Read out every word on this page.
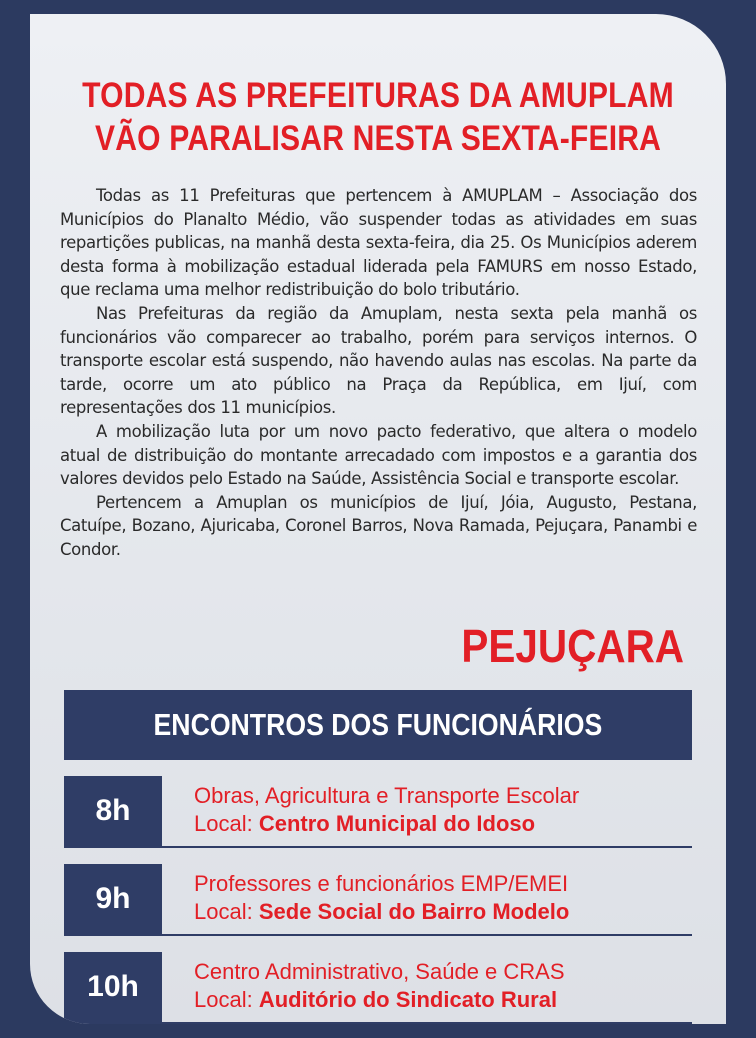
TODAS AS PREFEITURAS DA AMUPLAM
VÃO PARALISAR NESTA SEXTA-FEIRA

Todas as 11 Prefeituras que pertencem à AMUPLAM – Associação dos Municípios do Planalto Médio, vão suspender todas as atividades em suas repartições publicas, na manhã desta sexta-feira, dia 25. Os Municípios aderem desta forma à mobilização estadual liderada pela FAMURS em nosso Estado, que reclama uma melhor redistribuição do bolo tributário.

Nas Prefeituras da região da Amuplam, nesta sexta pela manhã os funcionários vão comparecer ao trabalho, porém para serviços internos. O transporte escolar está suspendo, não havendo aulas nas escolas. Na parte da tarde, ocorre um ato público na Praça da República, em Ijuí, com representações dos 11 municípios.

A mobilização luta por um novo pacto federativo, que altera o modelo atual de distribuição do montante arrecadado com impostos e a garantia dos valores devidos pelo Estado na Saúde, Assistência Social e transporte escolar.

Pertencem a Amuplan os municípios de Ijuí, Jóia, Augusto, Pestana, Catuípe, Bozano, Ajuricaba, Coronel Barros, Nova Ramada, Pejuçara, Panambi e Condor.

PEJUÇARA
ENCONTROS DOS FUNCIONÁRIOS
8h	Obras, Agricultura e Transporte Escolar
Local: Centro Municipal do Idoso
9h	Professores e funcionários EMP/EMEI
Local: Sede Social do Bairro Modelo
10h	Centro Administrativo, Saúde e CRAS
Local: Auditório do Sindicato Rural
